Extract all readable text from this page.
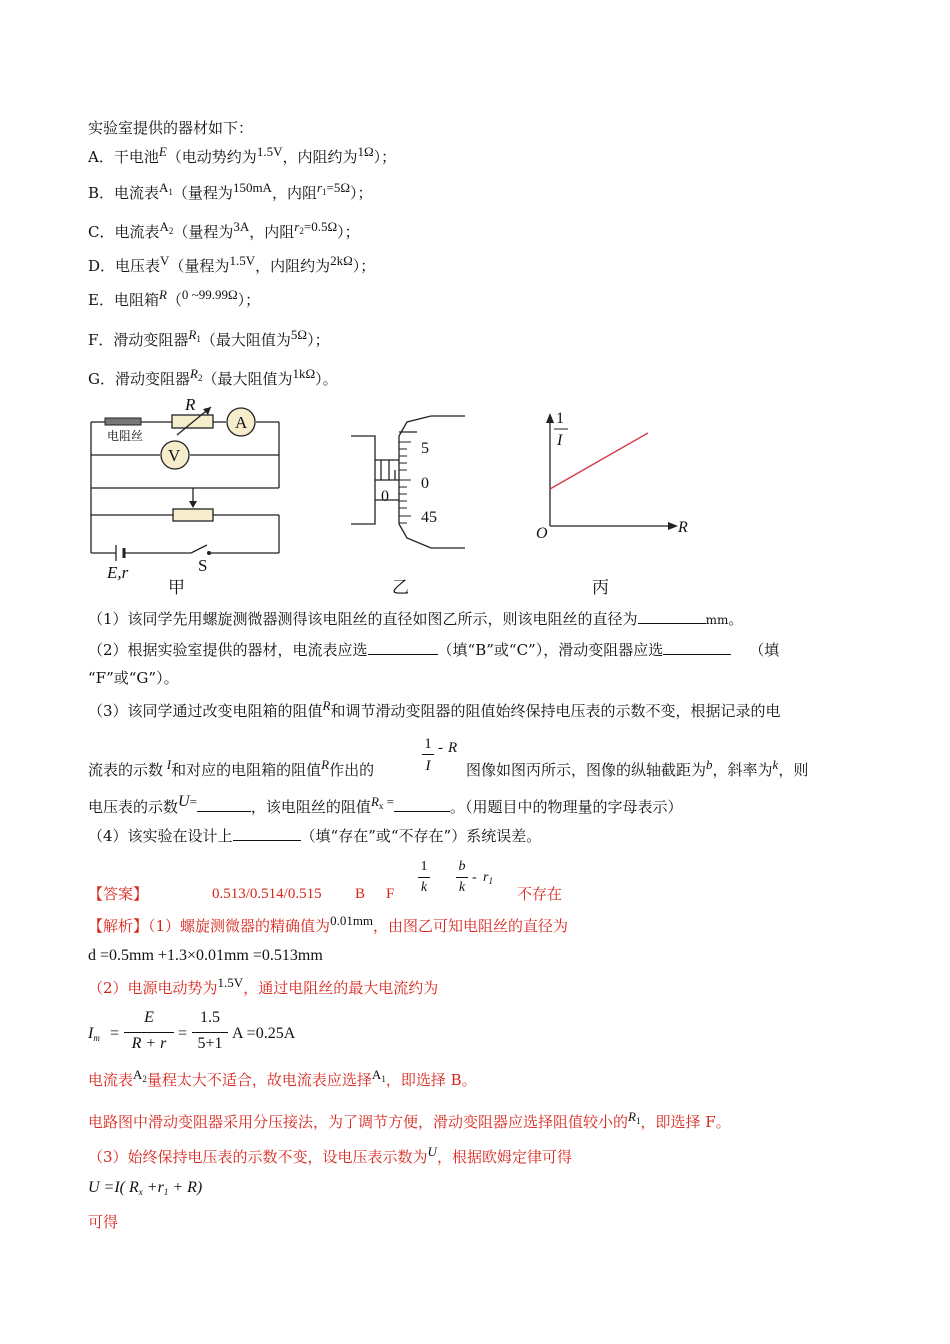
实验室提供的器材如下：
A．干电池E（电动势约为1.5V，内阻约为1Ω）；
B．电流表$A_1$（量程为150mA，内阻$r_1=5\Omega$）；
C．电流表$A_2$（量程为3A，内阻$r_2=0.5\Omega$）；
D．电压表V（量程为1.5V，内阻约为2kΩ）；
E．电阻箱R（0 ~99.99Ω）；
F．滑动变阻器$R_1$（最大阻值为5Ω）；
G．滑动变阻器$R_2$（最大阻值为1kΩ）。
电阻丝
R
A
V
E,r	S
甲
5
0
45
0
乙
1
I
R
O
丙
（1）该同学先用螺旋测微器测得该电阻丝的直径如图乙所示，则该电阻丝的直径为	mm。
（2）根据实验室提供的器材，电流表应选	（填“B”或“C”），滑动变阻器应选	（填
“F”或“G”）。
（3）该同学通过改变电阻箱的阻值R和调节滑动变阻器的阻值始终保持电压表的示数不变，根据记录的电
流表的示数 I和对应的电阻箱的阻值R作出的
1
I
- R
图像如图丙所示，图像的纵轴截距为b，斜率为k，则
电压表的示数U=	，该电阻丝的阻值$R_x$ =	。（用题目中的物理量的字母表示）
（4）该实验在设计上	（填“存在”或“不存在”）系统误差。
【答案】	0.513/0.514/0.515 B F
1
k
b
k
- $r_1$
不存在
【解析】（1）螺旋测微器的精确值为0.01mm，由图乙可知电阻丝的直径为
d =0.5mm +1.3×0.01mm =0.513mm
（2）电源电动势为1.5V，通过电阻丝的最大电流约为
Im =
E
R + r
=
1.5
5+1
A =0.25A
电流表$A_2$量程太大不适合，故电流表应选择$A_1$，即选择 B。
电路图中滑动变阻器采用分压接法，为了调节方便，滑动变阻器应选择阻值较小的$R_1$，即选择 F。
（3）始终保持电压表的示数不变，设电压表示数为U，根据欧姆定律可得
U =I( Rx +r1 + R)
可得
